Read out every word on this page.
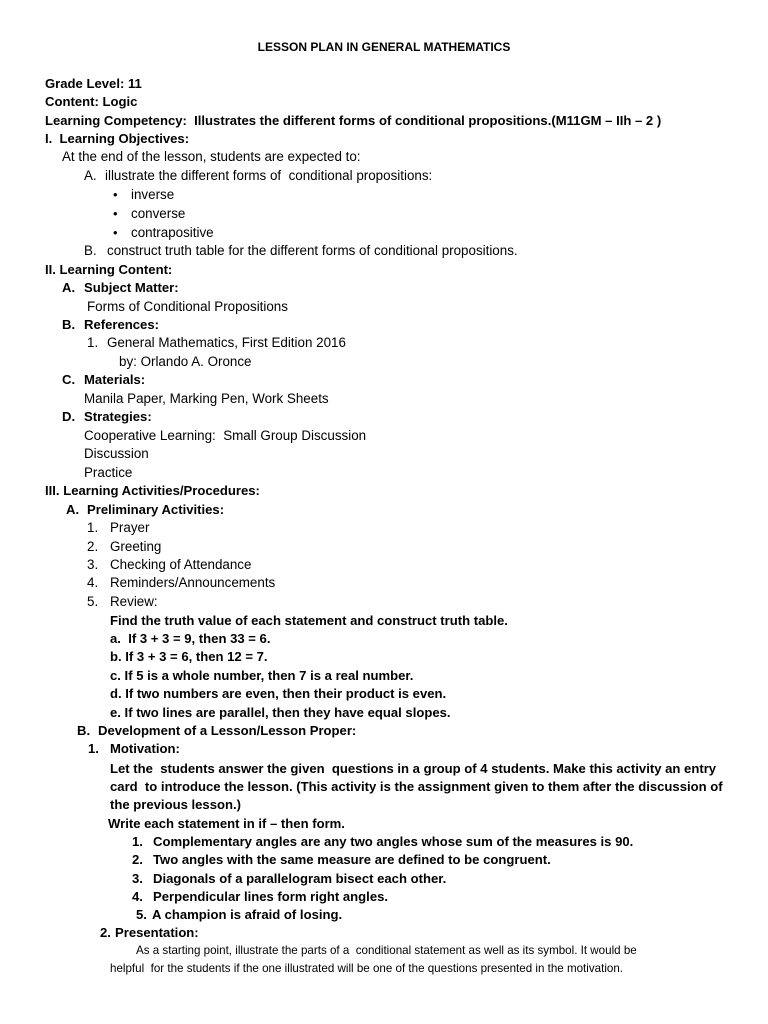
LESSON PLAN IN GENERAL MATHEMATICS
Grade Level: 11
Content: Logic
Learning Competency:  Illustrates the different forms of conditional propositions.(M11GM – IIh – 2 )
I.  Learning Objectives:
At the end of the lesson, students are expected to:
A. illustrate the different forms of  conditional propositions:
• inverse
• converse
• contrapositive
B. construct truth table for the different forms of conditional propositions.
II. Learning Content:
A. Subject Matter:
Forms of Conditional Propositions
B. References:
1. General Mathematics, First Edition 2016
by: Orlando A. Oronce
C. Materials:
Manila Paper, Marking Pen, Work Sheets
D. Strategies:
Cooperative Learning:  Small Group Discussion
Discussion
Practice
III. Learning Activities/Procedures:
A. Preliminary Activities:
1. Prayer
2. Greeting
3. Checking of Attendance
4. Reminders/Announcements
5. Review:
Find the truth value of each statement and construct truth table.
a.  If 3 + 3 = 9, then 33 = 6.
b. If 3 + 3 = 6, then 12 = 7.
c. If 5 is a whole number, then 7 is a real number.
d. If two numbers are even, then their product is even.
e. If two lines are parallel, then they have equal slopes.
B. Development of a Lesson/Lesson Proper:
1. Motivation:
Let the  students answer the given  questions in a group of 4 students. Make this activity an entry
card  to introduce the lesson. (This activity is the assignment given to them after the discussion of
the previous lesson.)
Write each statement in if – then form.
1. Complementary angles are any two angles whose sum of the measures is 90.
2. Two angles with the same measure are defined to be congruent.
3. Diagonals of a parallelogram bisect each other.
4. Perpendicular lines form right angles.
5. A champion is afraid of losing.
2. Presentation:
As a starting point, illustrate the parts of a  conditional statement as well as its symbol. It would be
helpful  for the students if the one illustrated will be one of the questions presented in the motivation.
